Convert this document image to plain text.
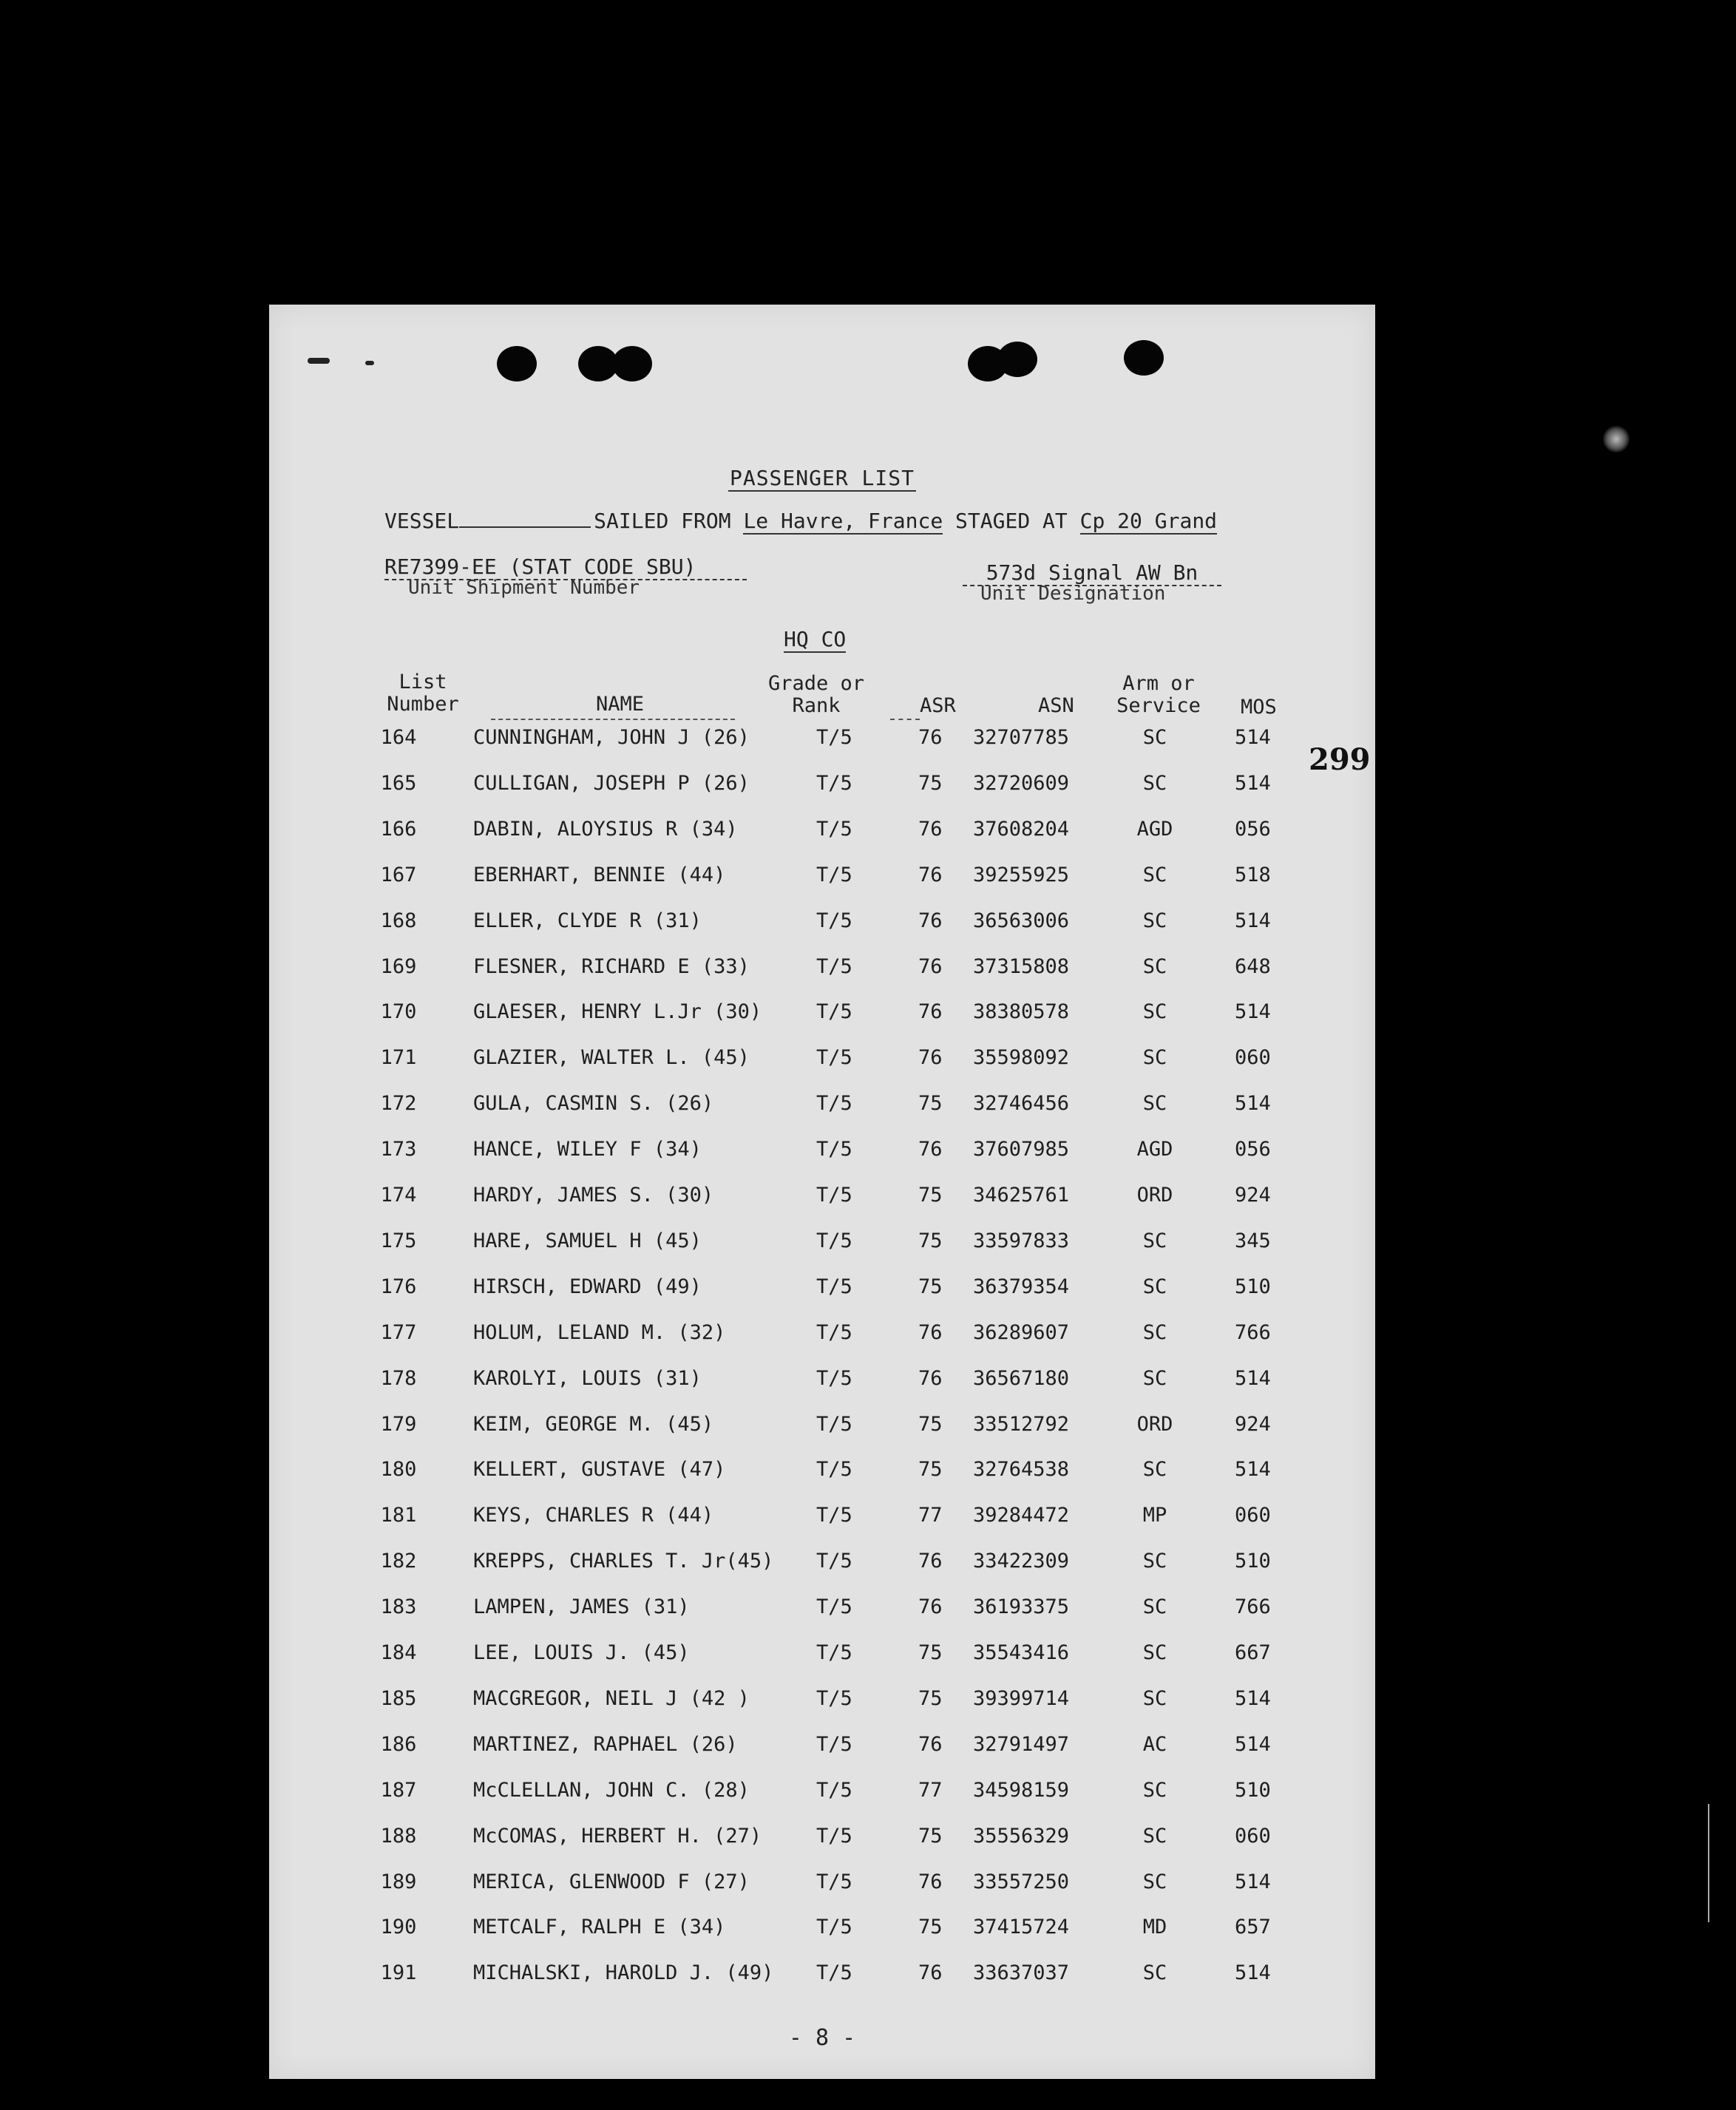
PASSENGER LIST
VESSEL	SAILED FROM Le Havre, France STAGED AT Cp 20 Grand
RE7399-EE (STAT CODE SBU)
Unit Shipment Number
573d Signal AW Bn
Unit Designation
HQ CO
List Number	NAME
Grade or Rank	ASR	ASN
Arm or Service	MOS
299
164	CUNNINGHAM, JOHN J (26)	T/5	76 32707785	SC	514
165	CULLIGAN, JOSEPH P (26)	T/5	75 32720609	SC	514
166	DABIN, ALOYSIUS R (34)	T/5	76 37608204	AGD	056
167	EBERHART, BENNIE (44)	T/5	76 39255925	SC	518
168	ELLER, CLYDE R (31)	T/5	76 36563006	SC	514
169	FLESNER, RICHARD E (33)	T/5	76 37315808	SC	648
170	GLAESER, HENRY L.Jr (30)	T/5	76 38380578	SC	514
171	GLAZIER, WALTER L. (45)	T/5	76 35598092	SC	060
172	GULA, CASMIN S. (26)	T/5	75 32746456	SC	514
173	HANCE, WILEY F (34)	T/5	76 37607985	AGD	056
174	HARDY, JAMES S. (30)	T/5	75 34625761	ORD	924
175	HARE, SAMUEL H (45)	T/5	75 33597833	SC	345
176	HIRSCH, EDWARD (49)	T/5	75 36379354	SC	510
177	HOLUM, LELAND M. (32)	T/5	76 36289607	SC	766
178	KAROLYI, LOUIS (31)	T/5	76 36567180	SC	514
179	KEIM, GEORGE M. (45)	T/5	75 33512792	ORD	924
180	KELLERT, GUSTAVE (47)	T/5	75 32764538	SC	514
181	KEYS, CHARLES R (44)	T/5	77 39284472	MP	060
182	KREPPS, CHARLES T. Jr(45) T/5	76 33422309	SC	510
183	LAMPEN, JAMES (31)	T/5	76 36193375	SC	766
184	LEE, LOUIS J. (45)	T/5	75 35543416	SC	667
185	MACGREGOR, NEIL J (42 )	T/5	75 39399714	SC	514
186	MARTINEZ, RAPHAEL (26)	T/5	76 32791497	AC	514
187	McCLELLAN, JOHN C. (28)	T/5	77 34598159	SC	510
188	McCOMAS, HERBERT H. (27)	T/5	75 35556329	SC	060
189	MERICA, GLENWOOD F (27)	T/5	76 33557250	SC	514
190	METCALF, RALPH E (34)	T/5	75 37415724	MD	657
191	MICHALSKI, HAROLD J. (49) T/5	76 33637037	SC	514
- 8 -
